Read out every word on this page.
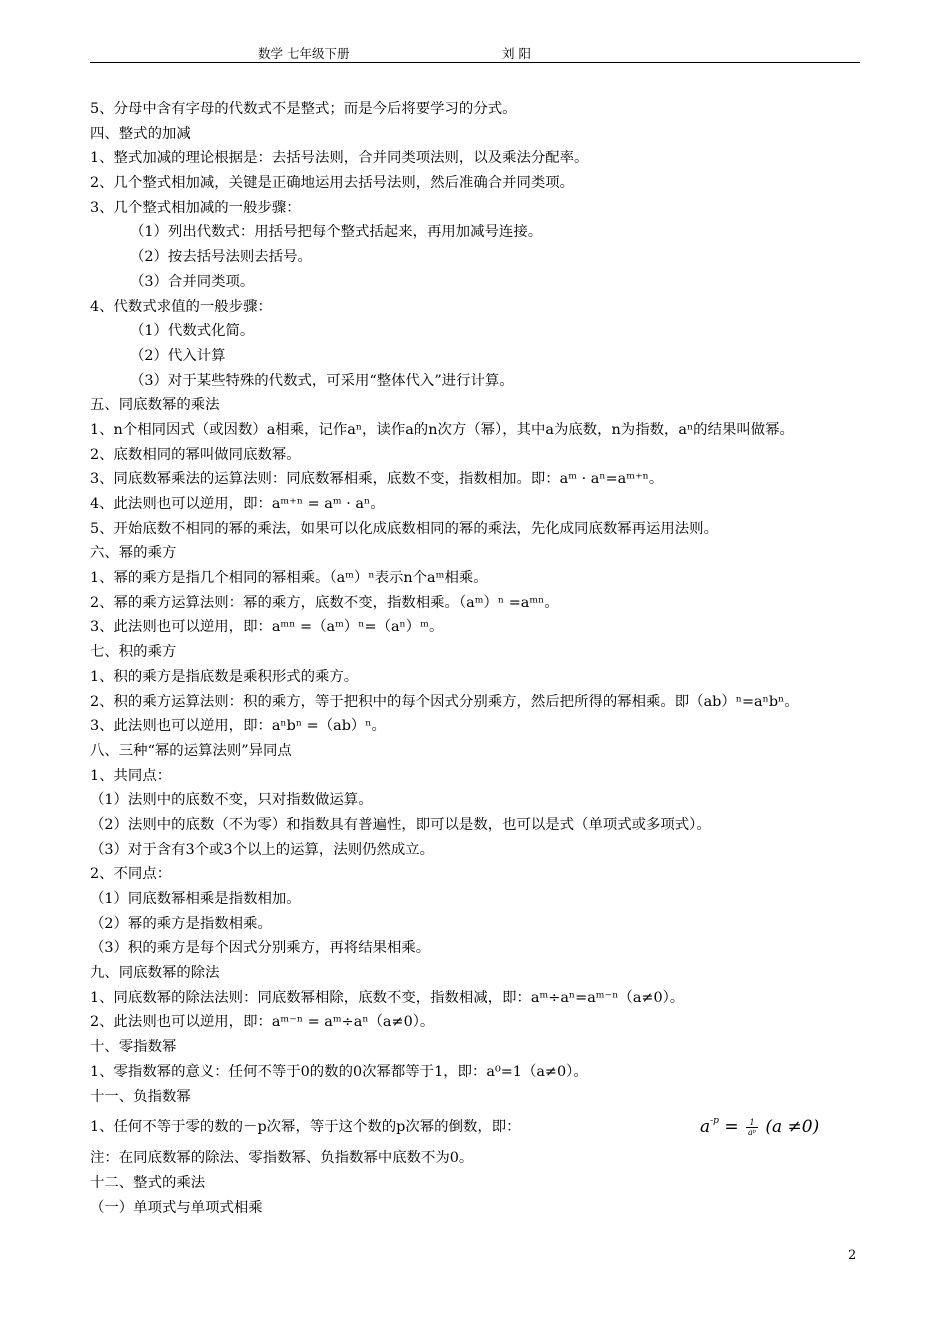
数学 七年级下册	刘 阳
5、分母中含有字母的代数式不是整式；而是今后将要学习的分式。
四、整式的加减
1、整式加减的理论根据是：去括号法则，合并同类项法则，以及乘法分配率。
2、几个整式相加减，关键是正确地运用去括号法则，然后准确合并同类项。
3、几个整式相加减的一般步骤：
（1）列出代数式：用括号把每个整式括起来，再用加减号连接。
（2）按去括号法则去括号。
（3）合并同类项。
4、代数式求值的一般步骤：
（1）代数式化简。
（2）代入计算
（3）对于某些特殊的代数式，可采用“整体代入”进行计算。
五、同底数幂的乘法
1、n个相同因式（或因数）a相乘，记作aⁿ，读作a的n次方（幂），其中a为底数，n为指数，aⁿ的结果叫做幂。
2、底数相同的幂叫做同底数幂。
3、同底数幂乘法的运算法则：同底数幂相乘，底数不变，指数相加。即：aᵐ · aⁿ=aᵐ⁺ⁿ。
4、此法则也可以逆用，即：aᵐ⁺ⁿ = aᵐ · aⁿ。
5、开始底数不相同的幂的乘法，如果可以化成底数相同的幂的乘法，先化成同底数幂再运用法则。
六、幂的乘方
1、幂的乘方是指几个相同的幂相乘。（aᵐ）ⁿ表示n个aᵐ相乘。
2、幂的乘方运算法则：幂的乘方，底数不变，指数相乘。（aᵐ）ⁿ =aᵐⁿ。
3、此法则也可以逆用，即：aᵐⁿ =（aᵐ）ⁿ=（aⁿ）ᵐ。
七、积的乘方
1、积的乘方是指底数是乘积形式的乘方。
2、积的乘方运算法则：积的乘方，等于把积中的每个因式分别乘方，然后把所得的幂相乘。即（ab）ⁿ=aⁿbⁿ。
3、此法则也可以逆用，即：aⁿbⁿ =（ab）ⁿ。
八、三种“幂的运算法则”异同点
1、共同点：
（1）法则中的底数不变，只对指数做运算。
（2）法则中的底数（不为零）和指数具有普遍性，即可以是数，也可以是式（单项式或多项式）。
（3）对于含有3个或3个以上的运算，法则仍然成立。
2、不同点：
（1）同底数幂相乘是指数相加。
（2）幂的乘方是指数相乘。
（3）积的乘方是每个因式分别乘方，再将结果相乘。
九、同底数幂的除法
1、同底数幂的除法法则：同底数幂相除，底数不变，指数相减，即：aᵐ÷aⁿ=aᵐ⁻ⁿ（a≠0）。
2、此法则也可以逆用，即：aᵐ⁻ⁿ = aᵐ÷aⁿ（a≠0）。
十、零指数幂
1、零指数幂的意义：任何不等于0的数的0次幂都等于1，即：a⁰=1（a≠0）。
十一、负指数幂
1、任何不等于零的数的－p次幂，等于这个数的p次幂的倒数，即：	$a^{-p} = \frac{1}{\text{aᵖ}} (a \ne 0)$
注：在同底数幂的除法、零指数幂、负指数幂中底数不为0。
十二、整式的乘法
（一）单项式与单项式相乘
2
